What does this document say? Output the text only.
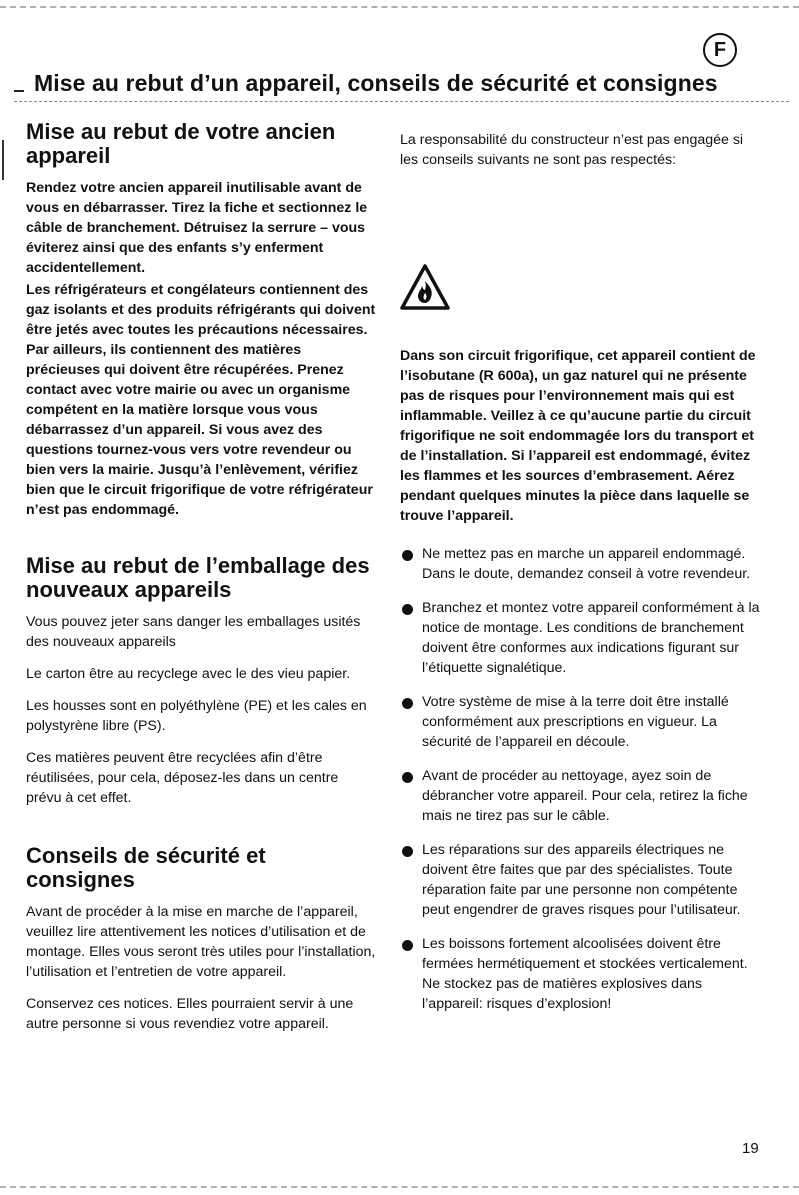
F
Mise au rebut d’un appareil, conseils de sécurité et consignes
Mise au rebut de votre ancien appareil

Rendez votre ancien appareil inutilisable avant de vous en débarrasser. Tirez la fiche et sectionnez le câble de branchement. Détruisez la serrure – vous éviterez ainsi que des enfants s’y enferment accidentellement.

Les réfrigérateurs et congélateurs contiennent des gaz isolants et des produits réfrigérants qui doivent être jetés avec toutes les précautions nécessaires. Par ailleurs, ils contiennent des matières précieuses qui doivent être récupérées. Prenez contact avec votre mairie ou avec un organisme compétent en la matière lorsque vous vous débarrassez d’un appareil. Si vous avez des questions tournez-vous vers votre revendeur ou bien vers la mairie. Jusqu’à l’enlèvement, vérifiez bien que le circuit frigorifique de votre réfrigérateur n’est pas endommagé.

Mise au rebut de l’emballage des nouveaux appareils

Vous pouvez jeter sans danger les emballages usités des nouveaux appareils

Le carton être au recyclege avec le des vieu papier.

Les housses sont en polyéthylène (PE) et les cales en polystyrène libre (PS).

Ces matières peuvent être recyclées afin d’être réutilisées, pour cela, déposez-les dans un centre prévu à cet effet.

Conseils de sécurité et consignes

Avant de procéder à la mise en marche de l’appareil, veuillez lire attentivement les notices d’utilisation et de montage. Elles vous seront très utiles pour l’installation, l’utilisation et l’entretien de votre appareil.

Conservez ces notices. Elles pourraient servir à une autre personne si vous revendiez votre appareil.

La responsabilité du constructeur n’est pas engagée si les conseils suivants ne sont pas respectés:

Dans son circuit frigorifique, cet appareil contient de l’isobutane (R 600a), un gaz naturel qui ne présente pas de risques pour l’environnement mais qui est inflammable. Veillez à ce qu’aucune partie du circuit frigorifique ne soit endommagée lors du transport et de l’installation. Si l’appareil est endommagé, évitez les flammes et les sources d’embrasement. Aérez pendant quelques minutes la pièce dans laquelle se trouve l’appareil.

Ne mettez pas en marche un appareil endommagé. Dans le doute, demandez conseil à votre revendeur.
Branchez et montez votre appareil conformément à la notice de montage. Les conditions de branchement doivent être conformes aux indications figurant sur l’étiquette signalétique.
Votre système de mise à la terre doit être installé conformément aux prescriptions en vigueur. La sécurité de l’appareil en découle.
Avant de procéder au nettoyage, ayez soin de débrancher votre appareil. Pour cela, retirez la fiche mais ne tirez pas sur le câble.
Les réparations sur des appareils électriques ne doivent être faites que par des spécialistes. Toute réparation faite par une personne non compétente peut engendrer de graves risques pour l’utilisateur.
Les boissons fortement alcoolisées doivent être fermées hermétiquement et stockées verticalement. Ne stockez pas de matières explosives dans l’appareil: risques d’explosion!
19
